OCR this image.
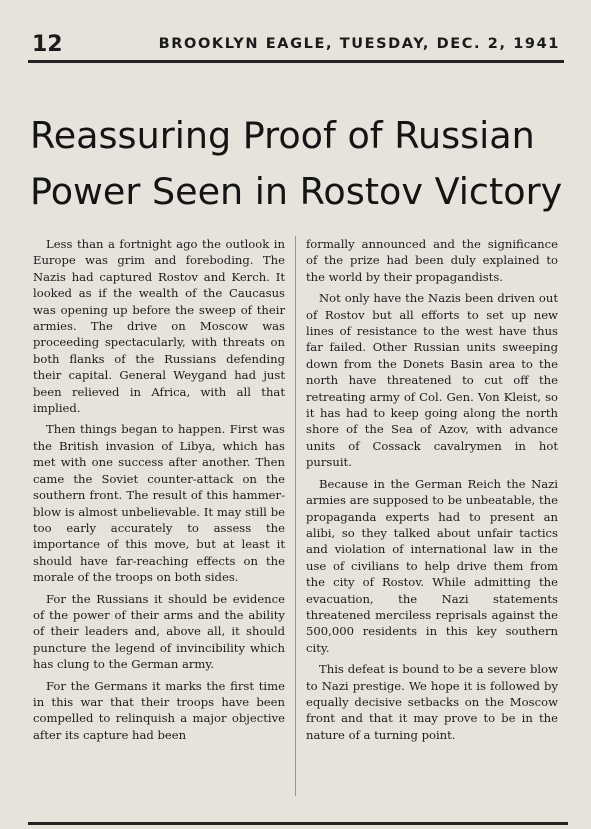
12	BROOKLYN EAGLE, TUESDAY, DEC. 2, 1941
Reassuring Proof of Russian
Power Seen in Rostov Victory

Less than a fortnight ago the outlook in Europe was grim and foreboding. The Nazis had captured Rostov and Kerch. It looked as if the wealth of the Caucasus was opening up before the sweep of their armies. The drive on Moscow was proceeding spectacularly, with threats on both flanks of the Russians defending their capital. General Weygand had just been relieved in Africa, with all that implied.

Then things began to happen. First was the British invasion of Libya, which has met with one success after another. Then came the Soviet counter-attack on the southern front. The result of this hammer-blow is almost unbelievable. It may still be too early accurately to assess the importance of this move, but at least it should have far-reaching effects on the morale of the troops on both sides.

For the Russians it should be evidence of the power of their arms and the ability of their leaders and, above all, it should puncture the legend of invincibility which has clung to the German army.

For the Germans it marks the first time in this war that their troops have been compelled to relinquish a major objective after its capture had been

formally announced and the significance of the prize had been duly explained to the world by their propagandists.

Not only have the Nazis been driven out of Rostov but all efforts to set up new lines of resistance to the west have thus far failed. Other Russian units sweeping down from the Donets Basin area to the north have threatened to cut off the retreating army of Col. Gen. Von Kleist, so it has had to keep going along the north shore of the Sea of Azov, with advance units of Cossack cavalrymen in hot pursuit.

Because in the German Reich the Nazi armies are supposed to be unbeatable, the propaganda experts had to present an alibi, so they talked about unfair tactics and violation of international law in the use of civilians to help drive them from the city of Rostov. While admitting the evacuation, the Nazi statements threatened merciless reprisals against the 500,000 residents in this key southern city.

This defeat is bound to be a severe blow to Nazi prestige. We hope it is followed by equally decisive setbacks on the Moscow front and that it may prove to be in the nature of a turning point.
